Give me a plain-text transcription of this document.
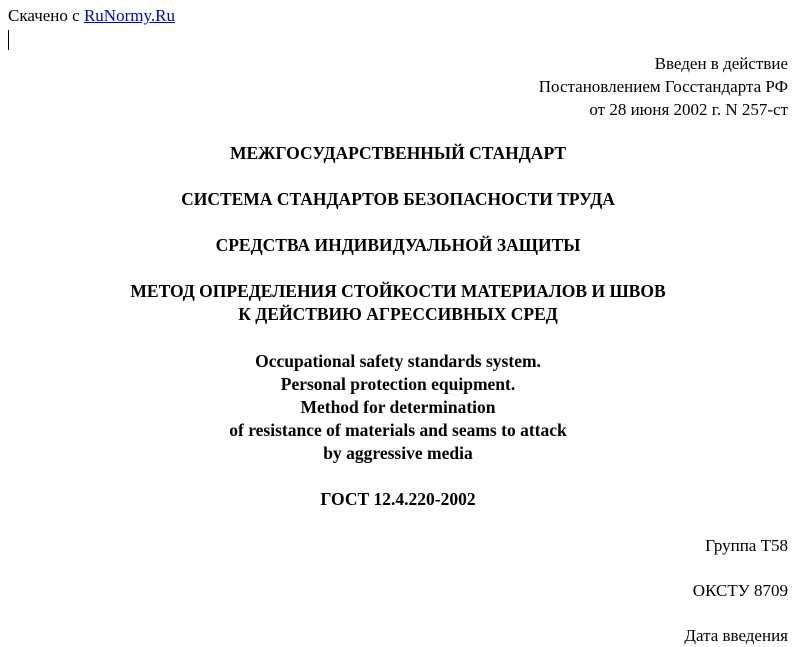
Скачено с RuNormy.Ru
Введен в действие
Постановлением Госстандарта РФ
от 28 июня 2002 г. N 257-ст
МЕЖГОСУДАРСТВЕННЫЙ СТАНДАРТ
СИСТЕМА СТАНДАРТОВ БЕЗОПАСНОСТИ ТРУДА
СРЕДСТВА ИНДИВИДУАЛЬНОЙ ЗАЩИТЫ
МЕТОД ОПРЕДЕЛЕНИЯ СТОЙКОСТИ МАТЕРИАЛОВ И ШВОВ
К ДЕЙСТВИЮ АГРЕССИВНЫХ СРЕД
Occupational safety standards system.
Personal protection equipment.
Method for determination
of resistance of materials and seams to attack
by aggressive media
ГОСТ 12.4.220-2002
Группа Т58
ОКСТУ 8709
Дата введения
